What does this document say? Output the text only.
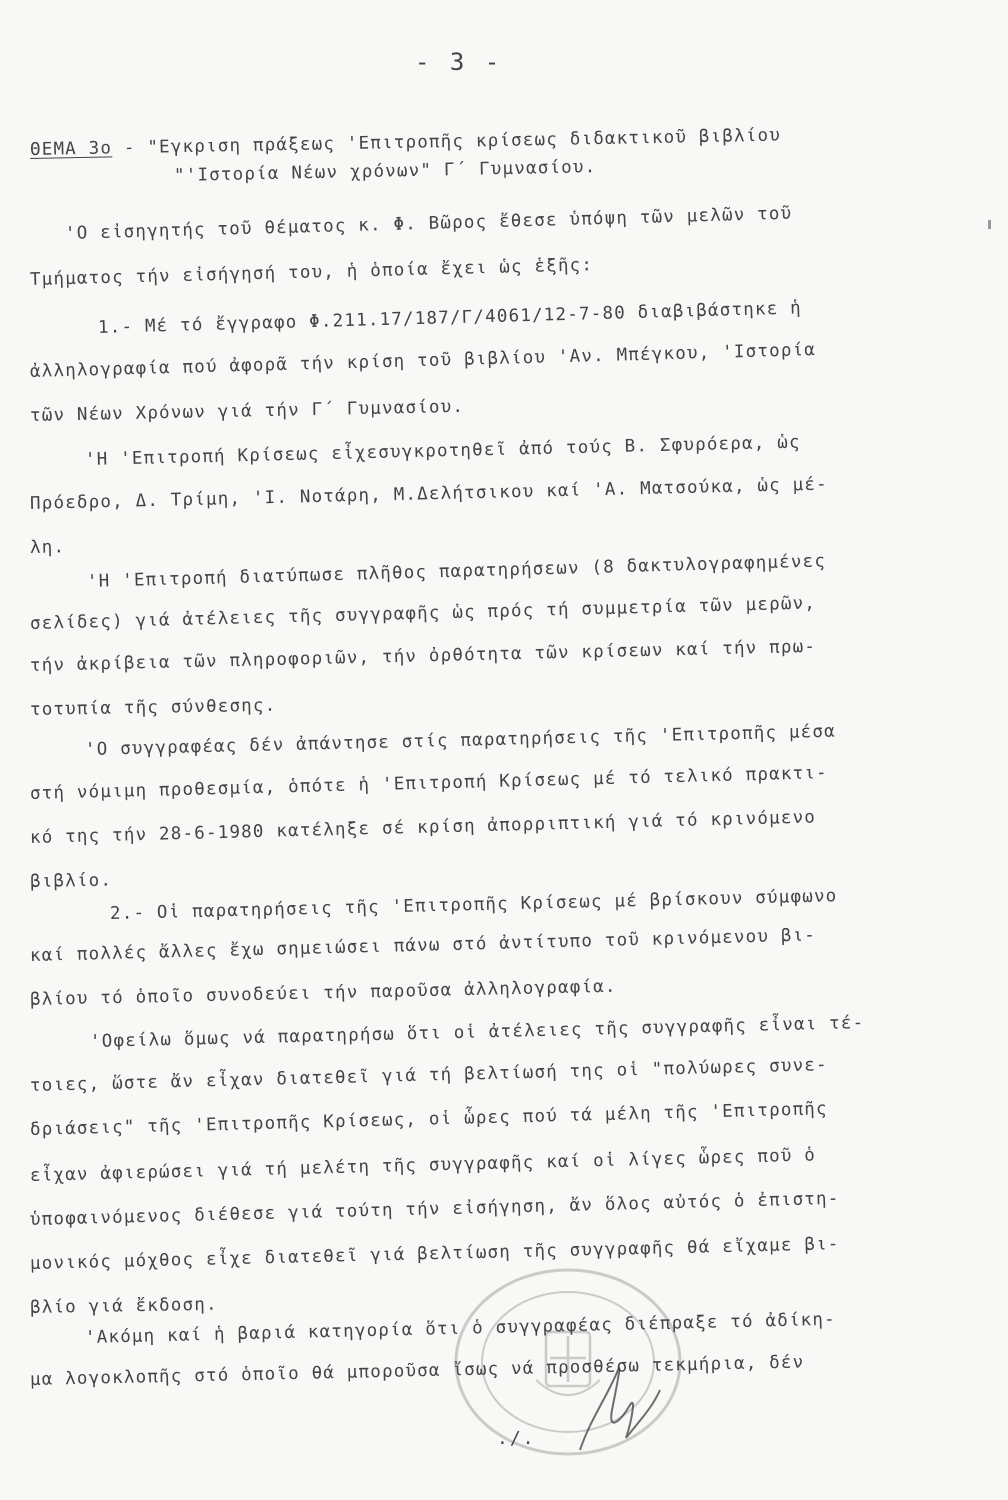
- 3 -
ΘΕΜΑ 3ο - "Εγκριση πράξεως 'Επιτροπῆς κρίσεως διδακτικοῦ βιβλίου
"'Ιστορία Νέων χρόνων" Γ΄ Γυμνασίου.
'Ο εἰσηγητής τοῦ θέματος κ. Φ. Βῶρος ἔθεσε ὑπόψη τῶν μελῶν τοῦ
Τμήματος τήν εἰσήγησή του, ἡ ὁποία ἔχει ὡς ἑξῆς:
1.- Μέ τό ἔγγραφο Φ.211.17/187/Γ/4061/12-7-80 διαβιβάστηκε ἡ
ἀλληλογραφία πού ἀφορᾶ τήν κρίση τοῦ βιβλίου 'Αν. Μπέγκου, 'Ιστορία
τῶν Νέων Χρόνων γιά τήν Γ΄ Γυμνασίου.
'Η 'Επιτροπή Κρίσεως εἶχεσυγκροτηθεῖ ἀπό τούς Β. Σφυρόερα, ὡς
Πρόεδρο, Δ. Τρίμη, 'Ι. Νοτάρη, Μ.Δελήτσικου καί 'Α. Ματσούκα, ὡς μέ-
λη.
'Η 'Επιτροπή διατύπωσε πλῆθος παρατηρήσεων (8 δακτυλογραφημένες
σελίδες) γιά ἀτέλειες τῆς συγγραφῆς ὡς πρός τή συμμετρία τῶν μερῶν,
τήν ἀκρίβεια τῶν πληροφοριῶν, τήν ὀρθότητα τῶν κρίσεων καί τήν πρω-
τοτυπία τῆς σύνθεσης.
'Ο συγγραφέας δέν ἀπάντησε στίς παρατηρήσεις τῆς 'Επιτροπῆς μέσα
στή νόμιμη προθεσμία, ὁπότε ἡ 'Επιτροπή Κρίσεως μέ τό τελικό πρακτι-
κό της τήν 28-6-1980 κατέληξε σέ κρίση ἀπορριπτική γιά τό κρινόμενο
βιβλίο.
2.- Οἱ παρατηρήσεις τῆς 'Επιτροπῆς Κρίσεως μέ βρίσκουν σύμφωνο
καί πολλές ἄλλες ἔχω σημειώσει πάνω στό ἀντίτυπο τοῦ κρινόμενου βι-
βλίου τό ὁποῖο συνοδεύει τήν παροῦσα ἀλληλογραφία.
'Οφείλω ὅμως νά παρατηρήσω ὅτι οἱ ἀτέλειες τῆς συγγραφῆς εἶναι τέ-
τοιες, ὥστε ἄν εἶχαν διατεθεῖ γιά τή βελτίωσή της οἱ "πολύωρες συνε-
δριάσεις" τῆς 'Επιτροπῆς Κρίσεως, οἱ ὧρες πού τά μέλη τῆς 'Επιτροπῆς
εἶχαν ἀφιερώσει γιά τή μελέτη τῆς συγγραφῆς καί οἱ λίγες ὧρες ποῦ ὁ
ὑποφαινόμενος διέθεσε γιά τούτη τήν εἰσήγηση, ἄν ὅλος αὐτός ὁ ἐπιστη-
μονικός μόχθος εἶχε διατεθεῖ γιά βελτίωση τῆς συγγραφῆς θά εἴχαμε βι-
βλίο γιά ἔκδοση.
'Ακόμη καί ἡ βαριά κατηγορία ὅτι ὁ συγγραφέας διέπραξε τό ἀδίκη-
μα λογοκλοπῆς στό ὁποῖο θά μποροῦσα ἴσως νά προσθέσω τεκμήρια, δέν
./.
